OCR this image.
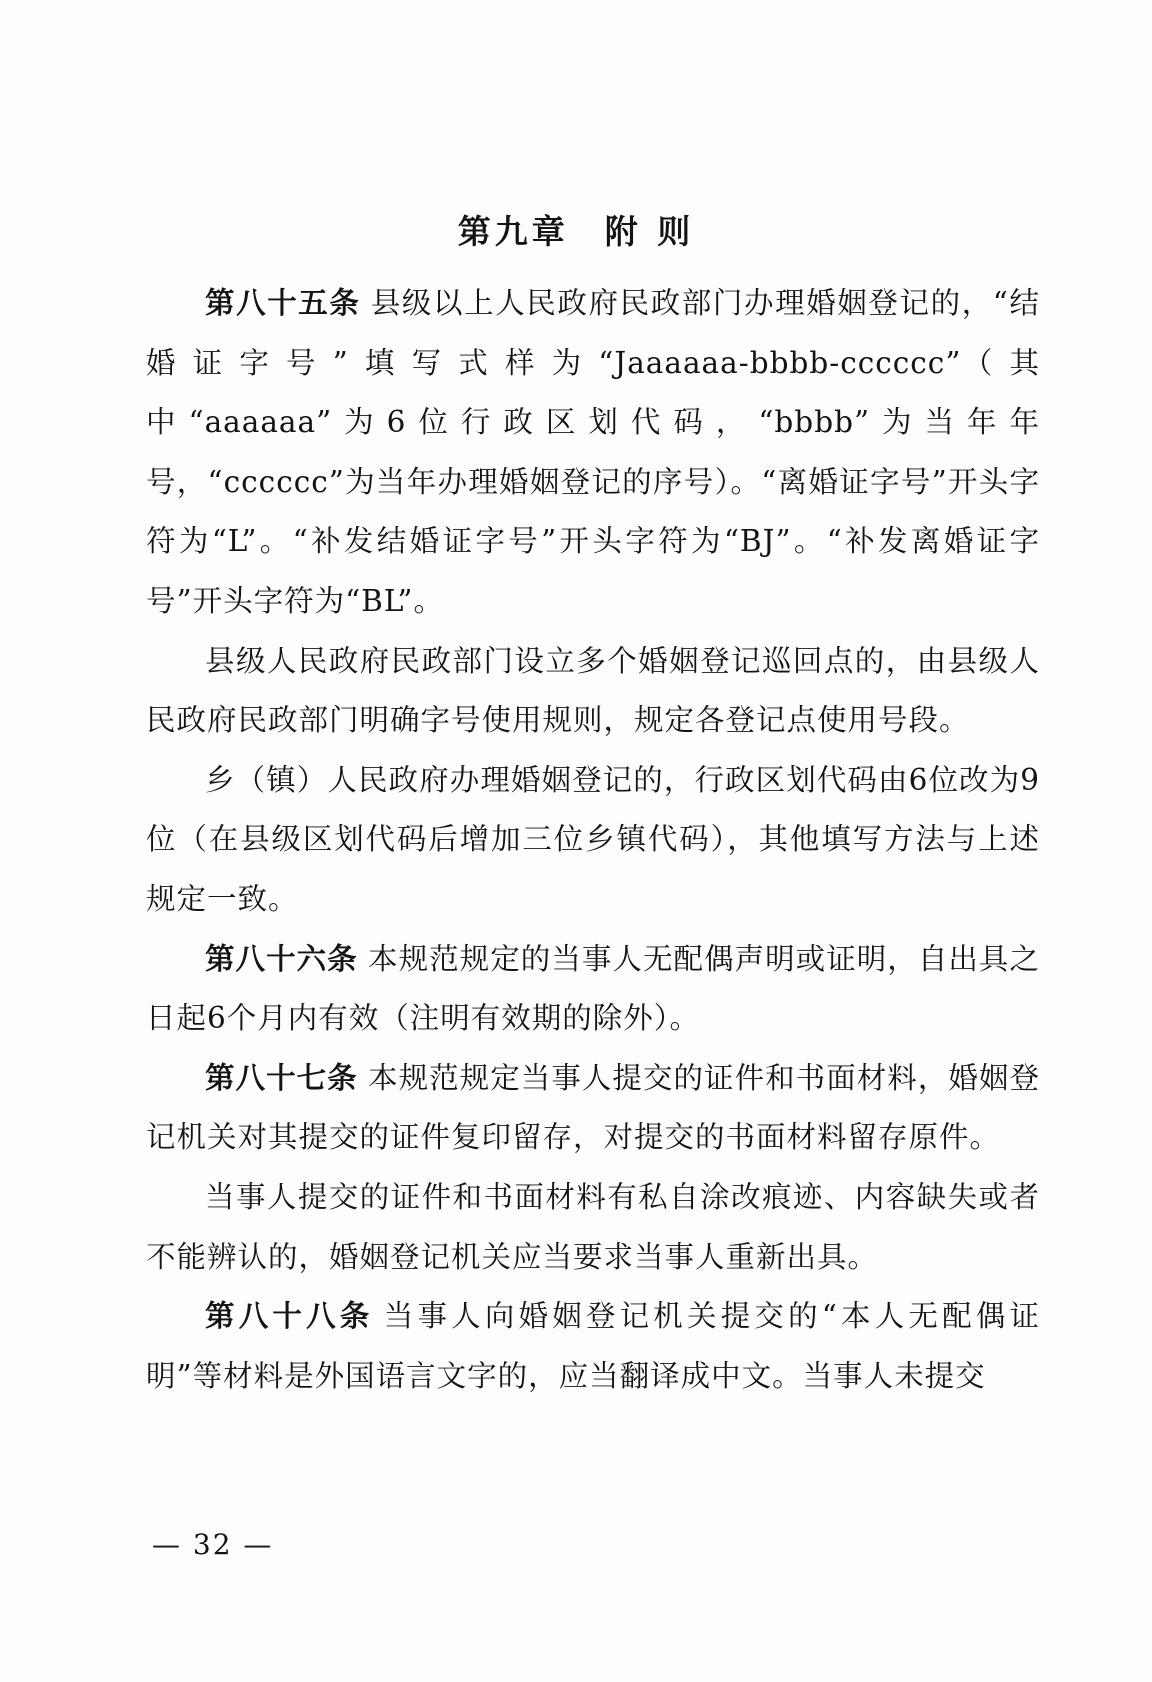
第九章 附 则

第八十五条 县级以上人民政府民政部门办理婚姻登记的，“结婚证字号”填写式样为“Jaaaaaa-bbbb-cccccc”（其中“aaaaaa”为6位行政区划代码，“bbbb”为当年年号，“cccccc”为当年办理婚姻登记的序号）。“离婚证字号”开头字符为“L”。“补发结婚证字号”开头字符为“BJ”。“补发离婚证字号”开头字符为“BL”。

县级人民政府民政部门设立多个婚姻登记巡回点的，由县级人民政府民政部门明确字号使用规则，规定各登记点使用号段。

乡（镇）人民政府办理婚姻登记的，行政区划代码由6位改为9位（在县级区划代码后增加三位乡镇代码），其他填写方法与上述规定一致。

第八十六条 本规范规定的当事人无配偶声明或证明，自出具之日起6个月内有效（注明有效期的除外）。

第八十七条 本规范规定当事人提交的证件和书面材料，婚姻登记机关对其提交的证件复印留存，对提交的书面材料留存原件。

当事人提交的证件和书面材料有私自涂改痕迹、内容缺失或者不能辨认的，婚姻登记机关应当要求当事人重新出具。

第八十八条 当事人向婚姻登记机关提交的“本人无配偶证明”等材料是外国语言文字的，应当翻译成中文。当事人未提交

— 32 —
